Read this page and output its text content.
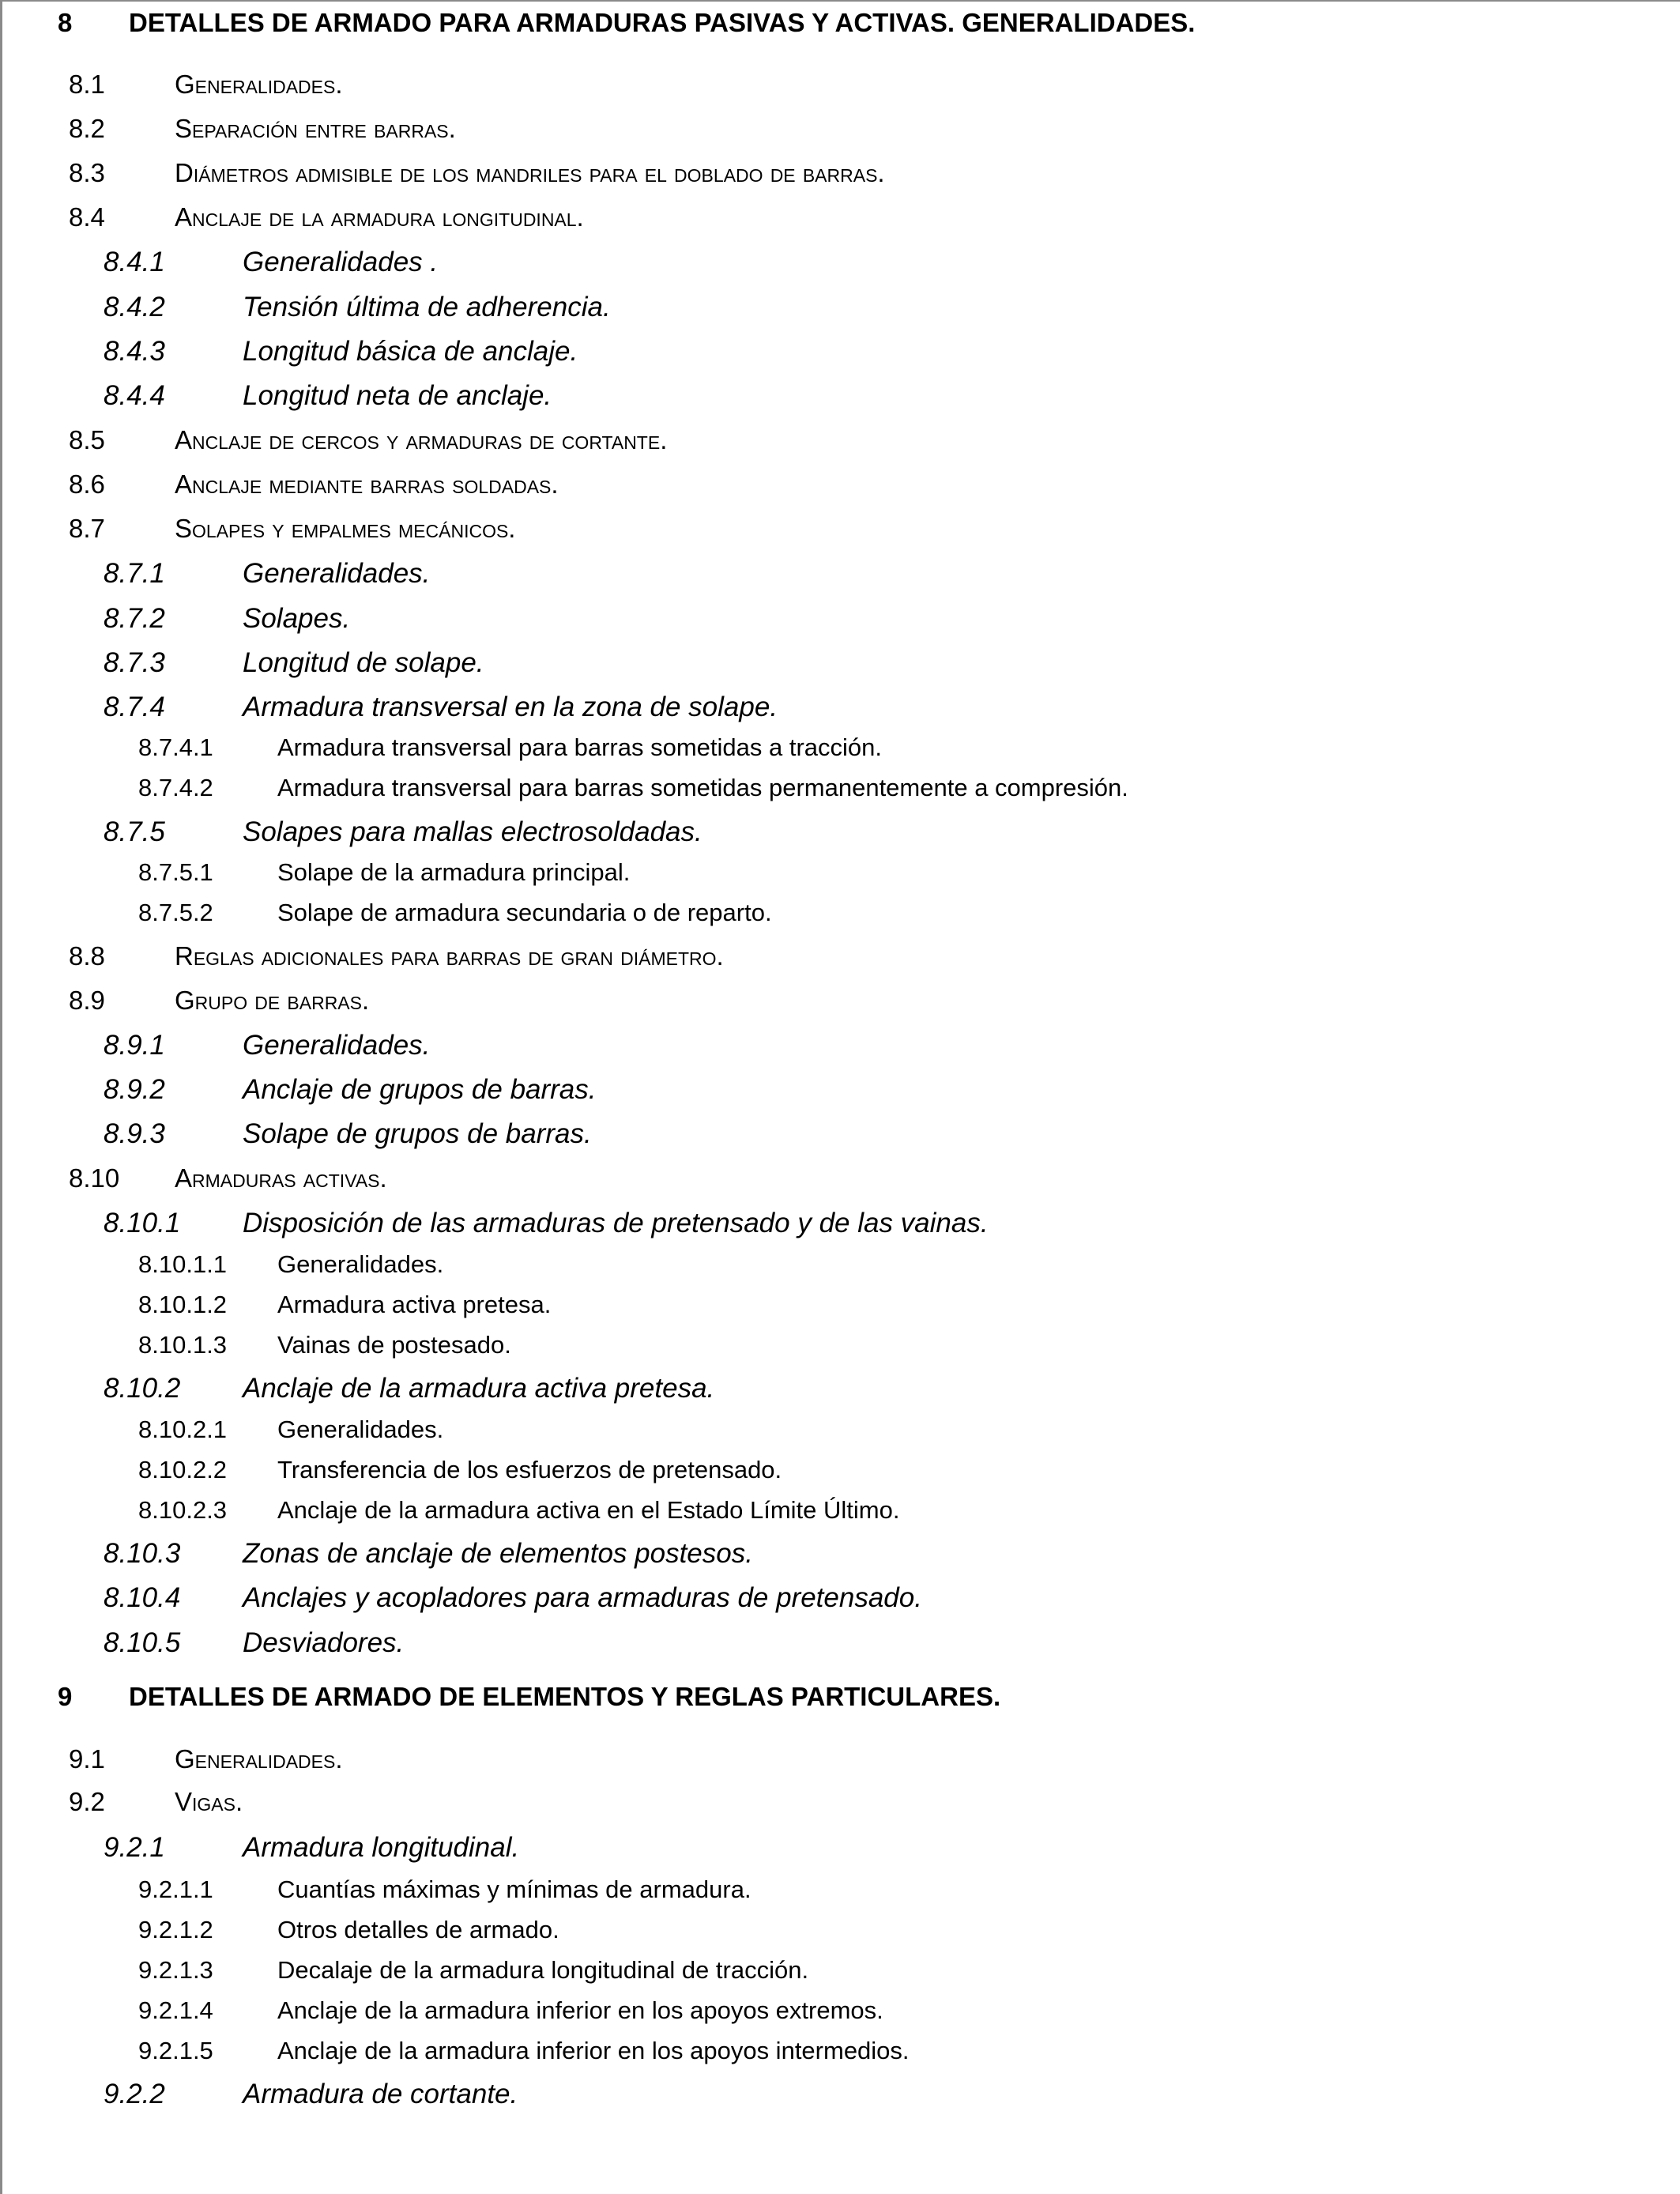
8 DETALLES DE ARMADO PARA ARMADURAS PASIVAS Y ACTIVAS. GENERALIDADES.
8.1	Generalidades.
8.2	Separación entre barras.
8.3	Diámetros admisible de los mandriles para el doblado de barras.
8.4	Anclaje de la armadura longitudinal.
8.4.1	Generalidades .
8.4.2	Tensión última de adherencia.
8.4.3	Longitud básica de anclaje.
8.4.4	Longitud neta de anclaje.
8.5	Anclaje de cercos y armaduras de cortante.
8.6	Anclaje mediante barras soldadas.
8.7	Solapes y empalmes mecánicos.
8.7.1	Generalidades.
8.7.2	Solapes.
8.7.3	Longitud de solape.
8.7.4	Armadura transversal en la zona de solape.
8.7.4.1	Armadura transversal para barras sometidas a tracción.
8.7.4.2	Armadura transversal para barras sometidas permanentemente a compresión.
8.7.5	Solapes para mallas electrosoldadas.
8.7.5.1	Solape de la armadura principal.
8.7.5.2	Solape de armadura secundaria o de reparto.
8.8	Reglas adicionales para barras de gran diámetro.
8.9	Grupo de barras.
8.9.1	Generalidades.
8.9.2	Anclaje de grupos de barras.
8.9.3	Solape de grupos de barras.
8.10 Armaduras activas.
8.10.1 Disposición de las armaduras de pretensado y de las vainas.
8.10.1.1 Generalidades.
8.10.1.2 Armadura activa pretesa.
8.10.1.3 Vainas de postesado.
8.10.2 Anclaje de la armadura activa pretesa.
8.10.2.1 Generalidades.
8.10.2.2 Transferencia de los esfuerzos de pretensado.
8.10.2.3 Anclaje de la armadura activa en el Estado Límite Último.
8.10.3 Zonas de anclaje de elementos postesos.
8.10.4 Anclajes y acopladores para armaduras de pretensado.
8.10.5 Desviadores.
9 DETALLES DE ARMADO DE ELEMENTOS Y REGLAS PARTICULARES.
9.1	Generalidades.
9.2	Vigas.
9.2.1	Armadura longitudinal.
9.2.1.1	Cuantías máximas y mínimas de armadura.
9.2.1.2	Otros detalles de armado.
9.2.1.3	Decalaje de la armadura longitudinal de tracción.
9.2.1.4	Anclaje de la armadura inferior en los apoyos extremos.
9.2.1.5	Anclaje de la armadura inferior en los apoyos intermedios.
9.2.2	Armadura de cortante.
